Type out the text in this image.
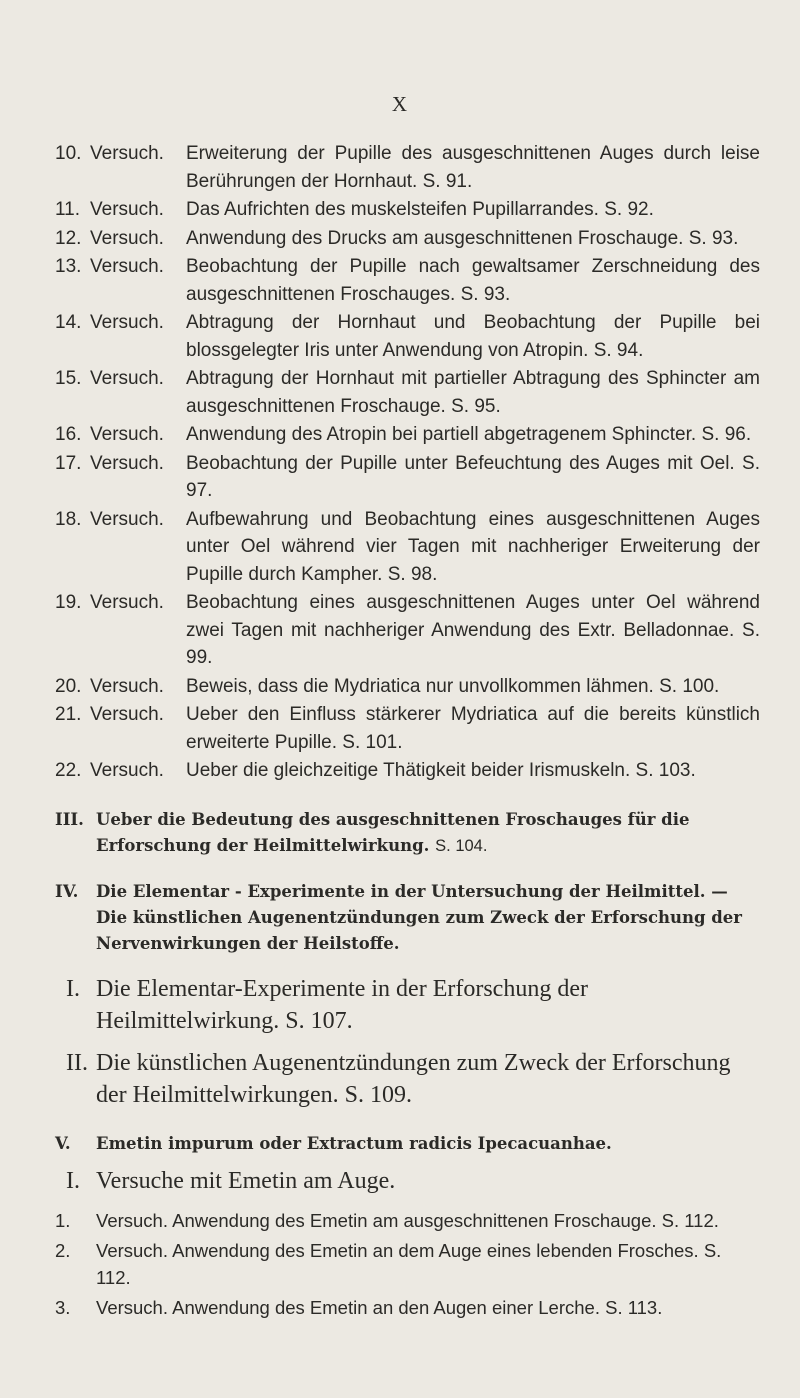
X
10. Versuch. Erweiterung der Pupille des ausgeschnittenen Auges durch leise Berührungen der Hornhaut. S. 91.
11. Versuch. Das Aufrichten des muskelsteifen Pupillarrandes. S. 92.
12. Versuch. Anwendung des Drucks am ausgeschnittenen Froschauge. S. 93.
13. Versuch. Beobachtung der Pupille nach gewaltsamer Zerschneidung des ausgeschnittenen Froschauges. S. 93.
14. Versuch. Abtragung der Hornhaut und Beobachtung der Pupille bei blossgelegter Iris unter Anwendung von Atropin. S. 94.
15. Versuch. Abtragung der Hornhaut mit partieller Abtragung des Sphincter am ausgeschnittenen Froschauge. S. 95.
16. Versuch. Anwendung des Atropin bei partiell abgetragenem Sphincter. S. 96.
17. Versuch. Beobachtung der Pupille unter Befeuchtung des Auges mit Oel. S. 97.
18. Versuch. Aufbewahrung und Beobachtung eines ausgeschnittenen Auges unter Oel während vier Tagen mit nachheriger Erweiterung der Pupille durch Kampher. S. 98.
19. Versuch. Beobachtung eines ausgeschnittenen Auges unter Oel während zwei Tagen mit nachheriger Anwendung des Extr. Belladonnae. S. 99.
20. Versuch. Beweis, dass die Mydriatica nur unvollkommen lähmen. S. 100.
21. Versuch. Ueber den Einfluss stärkerer Mydriatica auf die bereits künstlich erweiterte Pupille. S. 101.
22. Versuch. Ueber die gleichzeitige Thätigkeit beider Irismuskeln. S. 103.
III. Ueber die Bedeutung des ausgeschnittenen Froschauges für die Erforschung der Heilmittelwirkung. S. 104.
IV. Die Elementar - Experimente in der Untersuchung der Heilmittel. — Die künstlichen Augenentzündungen zum Zweck der Erforschung der Nervenwirkungen der Heilstoffe.
I. Die Elementar-Experimente in der Erforschung der Heilmittelwirkung. S. 107.
II. Die künstlichen Augenentzündungen zum Zweck der Erforschung der Heilmittelwirkungen. S. 109.
V. Emetin impurum oder Extractum radicis Ipecacuanhae.
I. Versuche mit Emetin am Auge.
1. Versuch. Anwendung des Emetin am ausgeschnittenen Froschauge. S. 112.
2. Versuch. Anwendung des Emetin an dem Auge eines lebenden Frosches. S. 112.
3. Versuch. Anwendung des Emetin an den Augen einer Lerche. S. 113.
